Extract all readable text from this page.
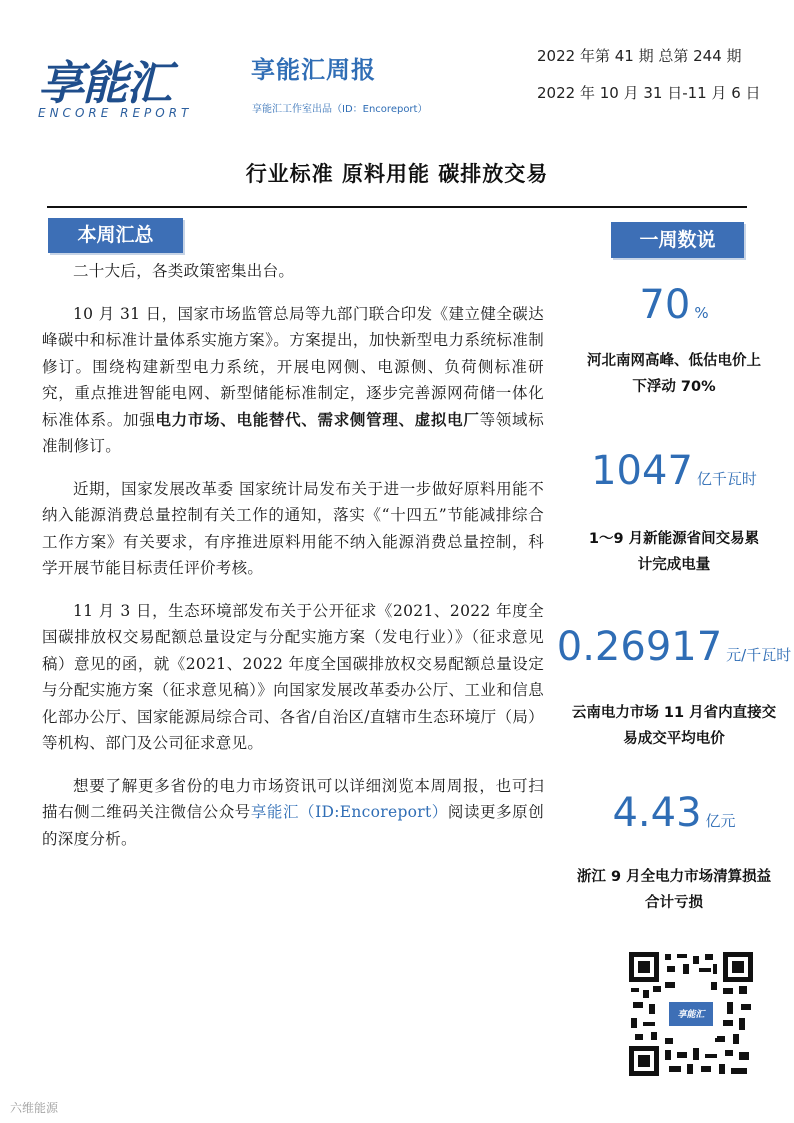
享能汇
ENCORE REPORT
享能汇周报
享能汇工作室出品（ID：Encoreport）
2022 年第 41 期 总第 244 期
2022 年 10 月 31 日-11 月 6 日
行业标准 原料用能 碳排放交易
本周汇总

二十大后，各类政策密集出台。

10 月 31 日，国家市场监管总局等九部门联合印发《建立健全碳达峰碳中和标准计量体系实施方案》。方案提出，加快新型电力系统标准制修订。围绕构建新型电力系统，开展电网侧、电源侧、负荷侧标准研究，重点推进智能电网、新型储能标准制定，逐步完善源网荷储一体化标准体系。加强电力市场、电能替代、需求侧管理、虚拟电厂等领域标准制修订。

近期，国家发展改革委 国家统计局发布关于进一步做好原料用能不纳入能源消费总量控制有关工作的通知，落实《“十四五”节能减排综合工作方案》有关要求，有序推进原料用能不纳入能源消费总量控制，科学开展节能目标责任评价考核。

11 月 3 日，生态环境部发布关于公开征求《2021、2022 年度全国碳排放权交易配额总量设定与分配实施方案（发电行业）》（征求意见稿）意见的函，就《2021、2022 年度全国碳排放权交易配额总量设定与分配实施方案（征求意见稿）》向国家发展改革委办公厅、工业和信息化部办公厅、国家能源局综合司、各省/自治区/直辖市生态环境厅（局）等机构、部门及公司征求意见。

想要了解更多省份的电力市场资讯可以详细浏览本周周报，也可扫描右侧二维码关注微信公众号享能汇（ID:Encoreport）阅读更多原创的深度分析。

一周数说
70 %
河北南网高峰、低估电价上
下浮动 70%
1047 亿千瓦时
1～9 月新能源省间交易累
计完成电量
0.26917 元/千瓦时
云南电力市场 11 月省内直接交
易成交平均电价
4.43 亿元
浙江 9 月全电力市场清算损益
合计亏损
享能汇
六维能源
